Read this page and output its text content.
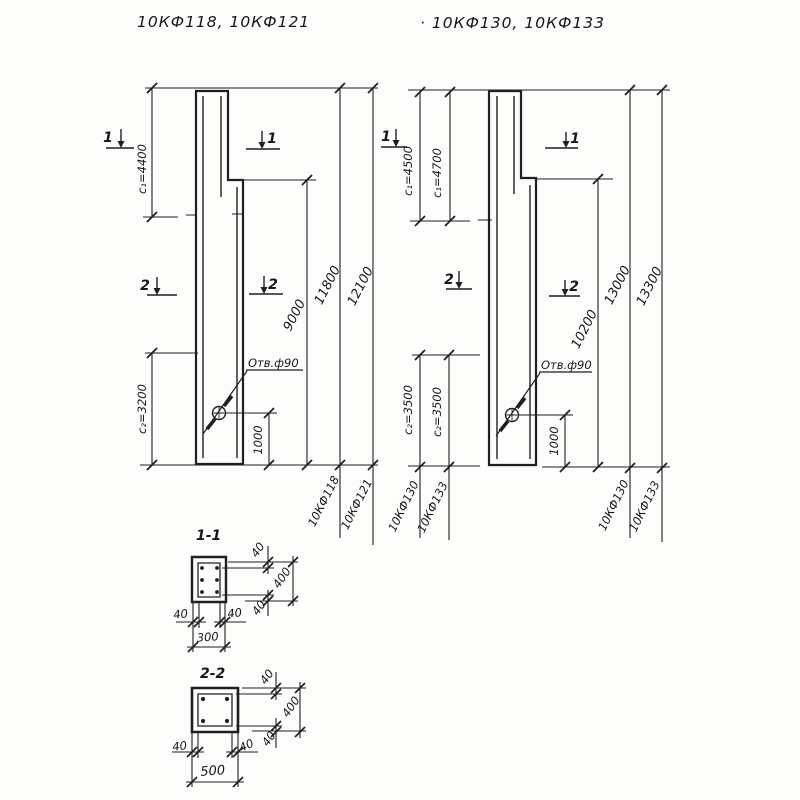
10КФ118, 10КФ121	· 10КФ130, 10КФ133
Отв.ф90
c₁=4400
c₂=3200
9000
11800 12100
1000
10КФ118
10КФ121
1	1
2	2
Отв.ф90
c₁=4500 c₁=4700
c₂=3500 c₂=3500
10200
13000 13300
1000
10КФ130
10КФ133	10КФ130
10КФ133
1	1
2	2
1-1
40
400
40
40	40
300
2-2	40
400
40
40	40
500
